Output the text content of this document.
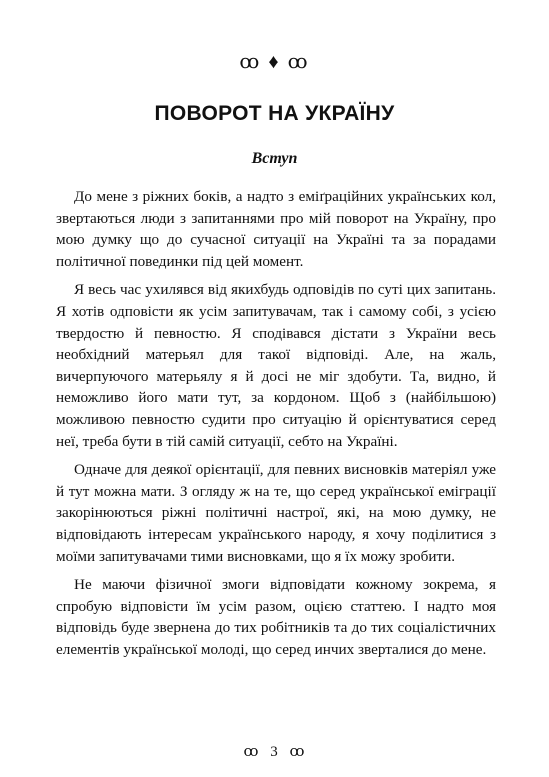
ꝏ ♦ ꝏ
ПОВОРОТ НА УКРАЇНУ
Вступ

До мене з ріжних боків, а надто з еміґраційних українських кол, звертаються люди з запитаннями про мій поворот на Україну, про мою думку що до сучасної ситуації на Україні та за порадами політичної повединки під цей момент.

Я весь час ухилявся від якихбудь одповідів по суті цих запитань. Я хотів одповісти як усім запитувачам, так і самому собі, з усією твердостю й певностю. Я сподівався дістати з України весь необхідний матерьял для такої відповіді. Але, на жаль, вичерпуючого матерьялу я й досі не міг здобути. Та, видно, й неможливо його мати тут, за кордоном. Щоб з (найбільшою) можливою певностю судити про ситуацію й орієнтуватися серед неї, треба бути в тій самій ситуації, себто на Україні.

Одначе для деякої орієнтації, для певних висновків матеріял уже й тут можна мати. З огляду ж на те, що серед української еміграції закорінюються ріжні політичні настрої, які, на мою думку, не відповідають інтересам українського народу, я хочу поділитися з моїми запитувачами тими висновками, що я їх можу зробити.

Не маючи фізичної змоги відповідати кожному зокрема, я спробую відповісти їм усім разом, оцією статтею. І надто моя відповідь буде звернена до тих робітників та до тих соціалістичних елементів української молоді, що серед инчих зверталися до мене.

ꝏ 3 ꝏ
